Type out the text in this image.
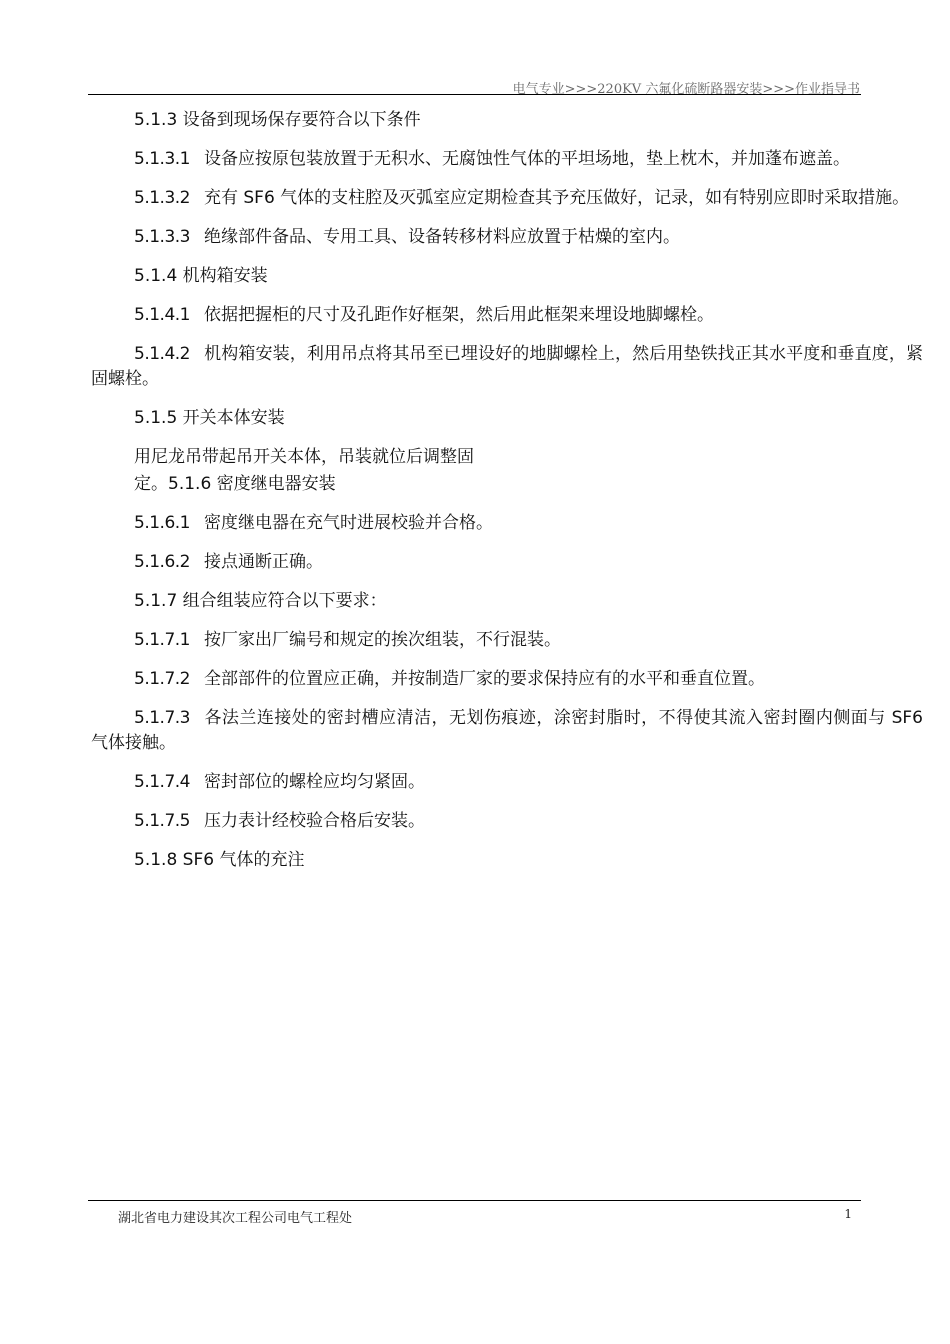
电气专业>>>220KV 六氟化硫断路器安装>>>作业指导书

5.1.3 设备到现场保存要符合以下条件

5.1.3.1 设备应按原包装放置于无积水、无腐蚀性气体的平坦场地，垫上枕木，并加蓬布遮盖。

5.1.3.2 充有 SF6 气体的支柱腔及灭弧室应定期检查其予充压做好，记录，如有特别应即时采取措施。

5.1.3.3 绝缘部件备品、专用工具、设备转移材料应放置于枯燥的室内。

5.1.4 机构箱安装

5.1.4.1 依据把握柜的尺寸及孔距作好框架，然后用此框架来埋设地脚螺栓。

5.1.4.2 机构箱安装，利用吊点将其吊至已埋设好的地脚螺栓上，然后用垫铁找正其水平度和垂直度，紧固螺栓。

5.1.5 开关本体安装

用尼龙吊带起吊开关本体，吊装就位后调整固

定。5.1.6 密度继电器安装

5.1.6.1 密度继电器在充气时进展校验并合格。

5.1.6.2 接点通断正确。

5.1.7 组合组装应符合以下要求：

5.1.7.1 按厂家出厂编号和规定的挨次组装，不行混装。

5.1.7.2 全部部件的位置应正确，并按制造厂家的要求保持应有的水平和垂直位置。

5.1.7.3 各法兰连接处的密封槽应清洁，无划伤痕迹，涂密封脂时，不得使其流入密封圈内侧面与 SF6 气体接触。

5.1.7.4 密封部位的螺栓应均匀紧固。

5.1.7.5 压力表计经校验合格后安装。

5.1.8 SF6 气体的充注

湖北省电力建设其次工程公司电气工程处	1
